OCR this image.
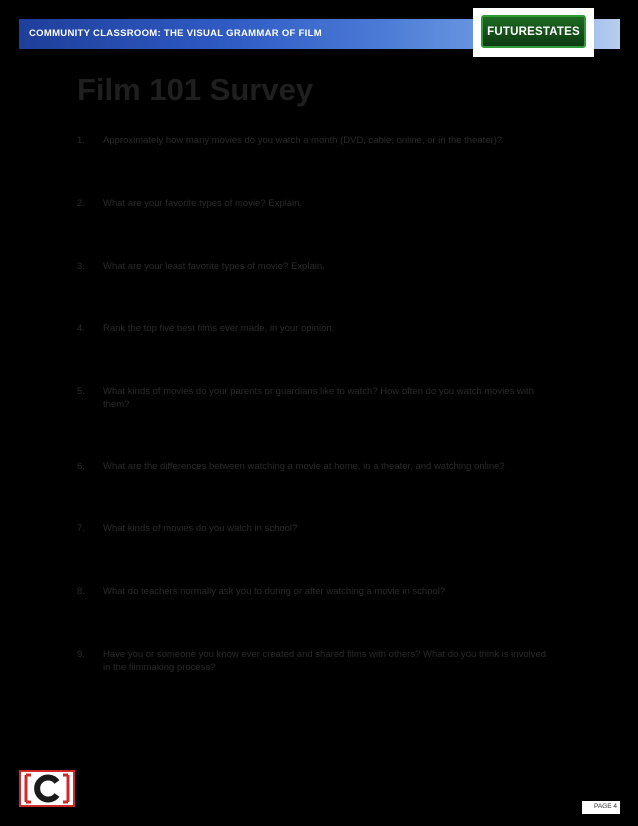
COMMUNITY CLASSROOM: THE VISUAL GRAMMAR OF FILM	FUTURESTATES
Film 101 Survey
1. Approximately how many movies do you watch a month (DVD, cable, online, or in the theater)?
2. What are your favorite types of movie? Explain.
3. What are your least favorite types of movie? Explain.
4. Rank the top five best films ever made, in your opinion.
5. What kinds of movies do your parents or guardians like to watch? How often do you watch movies with them?
6. What are the differences between watching a movie at home, in a theater, and watching online?
7. What kinds of movies do you watch in school?
8. What do teachers normally ask you to during or after watching a movie in school?
9. Have you or someone you know ever created and shared films with others? What do you think is involved in the filmmaking process?
PAGE 4
